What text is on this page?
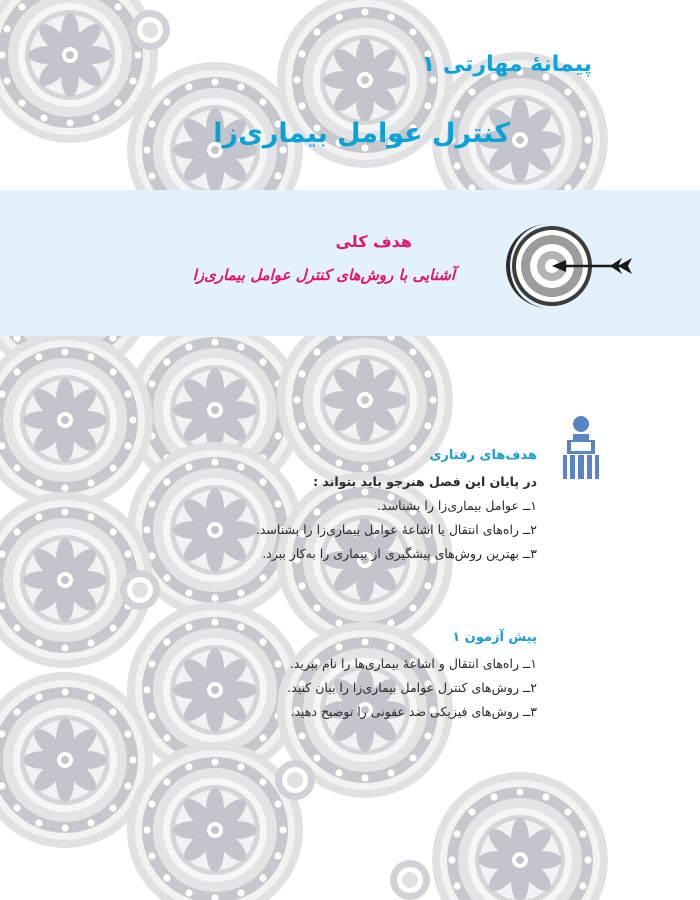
پیمانهٔ مهارتی ۱
کنترل عوامل بیماری‌زا
هدف کلی
آشنایی با روش‌های کنترل عوامل بیماری‌زا
هدف‌های رفتاری
در پایان این فصل هنرجو باید بتواند :
۱ــ عوامل بیماری‌زا را بشناسد.
۲ــ راه‌های انتقال یا اشاعهٔ عوامل بیماری‌زا را بشناسد.
۳ــ بهترین روش‌های پیشگیری از بیماری را به‌کار ببرد.
پیش آزمون ۱
۱ــ راه‌های انتقال و اشاعهٔ بیماری‌ها را نام ببرید.
۲ــ روش‌های کنترل عوامل بیماری‌زا را بیان کنید.
۳ــ روش‌های فیزیکی ضد عفونی را توضیح دهید.
